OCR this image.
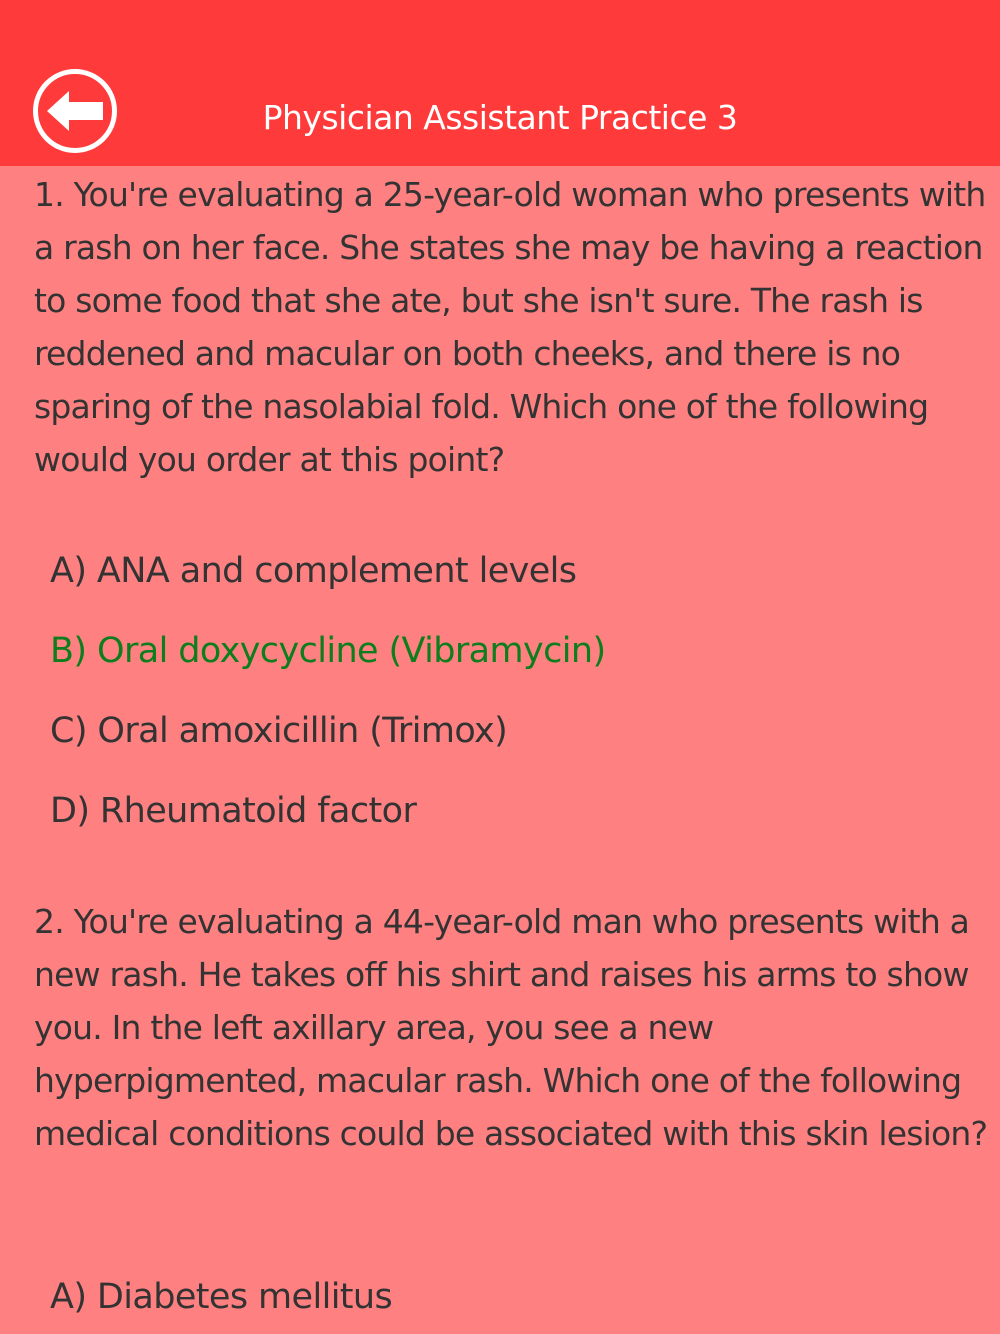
Physician Assistant Practice 3
1. You're evaluating a 25-year-old woman who presents with a rash on her face. She states she may be having a reaction to some food that she ate, but she isn't sure. The rash is reddened and macular on both cheeks, and there is no sparing of the nasolabial fold. Which one of the following would you order at this point?
A) ANA and complement levels
B) Oral doxycycline (Vibramycin)
C) Oral amoxicillin (Trimox)
D) Rheumatoid factor
2. You're evaluating a 44-year-old man who presents with a new rash. He takes off his shirt and raises his arms to show you. In the left axillary area, you see a new hyperpigmented, macular rash. Which one of the following medical conditions could be associated with this skin lesion?
A) Diabetes mellitus
